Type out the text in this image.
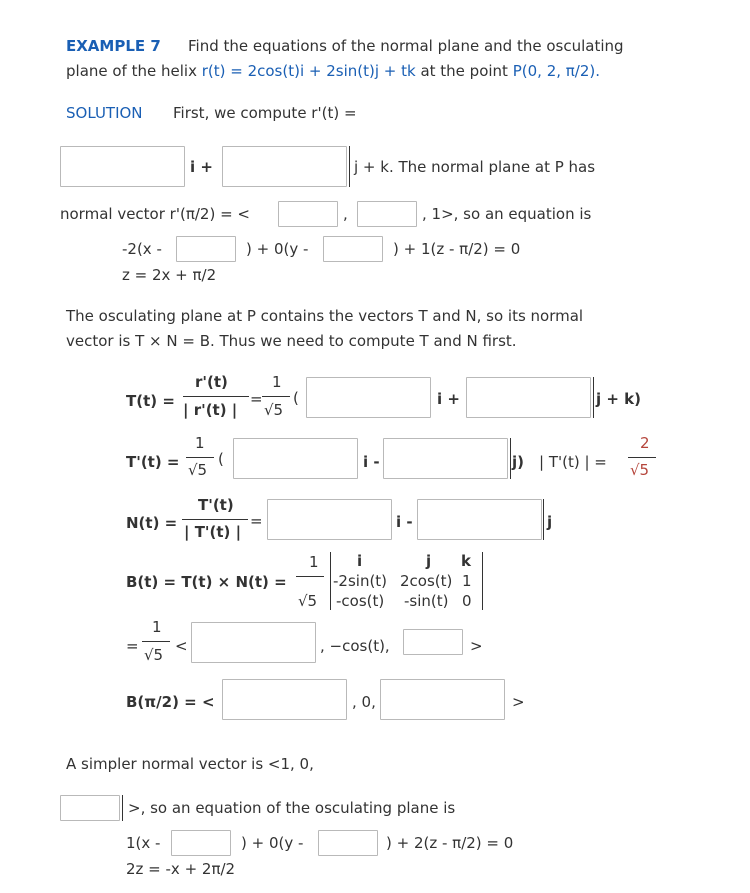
EXAMPLE 7 Find the equations of the normal plane and the osculating
plane of the helix r(t) = 2cos(t)i + 2sin(t)j + tk at the point P(0, 2, π/2).
SOLUTION First, we compute r'(t) =
i +	j + k. The normal plane at P has
normal vector r'(π/2) = <	,	, 1>, so an equation is
-2(x -	) + 0(y -	) + 1(z - π/2) = 0
z = 2x + π/2
The osculating plane at P contains the vectors T and N, so its normal
vector is T × N = B. Thus we need to compute T and N first.
T(t) =
r'(t)
| r'(t) |
=
1
√5
(	i +	j + k)
T'(t) =
1
√5
(	i -	j) | T'(t) | =
2
√5
N(t) =
T'(t)
| T'(t) |
=	i -	j
B(t) = T(t) × N(t) =
1
√5
i	j k
-2sin(t) 2cos(t) 1
-cos(t) -sin(t) 0
=
1
√5 <	, −cos(t),	>
B(π/2) = <	, 0,	>
A simpler normal vector is <1, 0,
>, so an equation of the osculating plane is
1(x -	) + 0(y -	) + 2(z - π/2) = 0
2z = -x + 2π/2
